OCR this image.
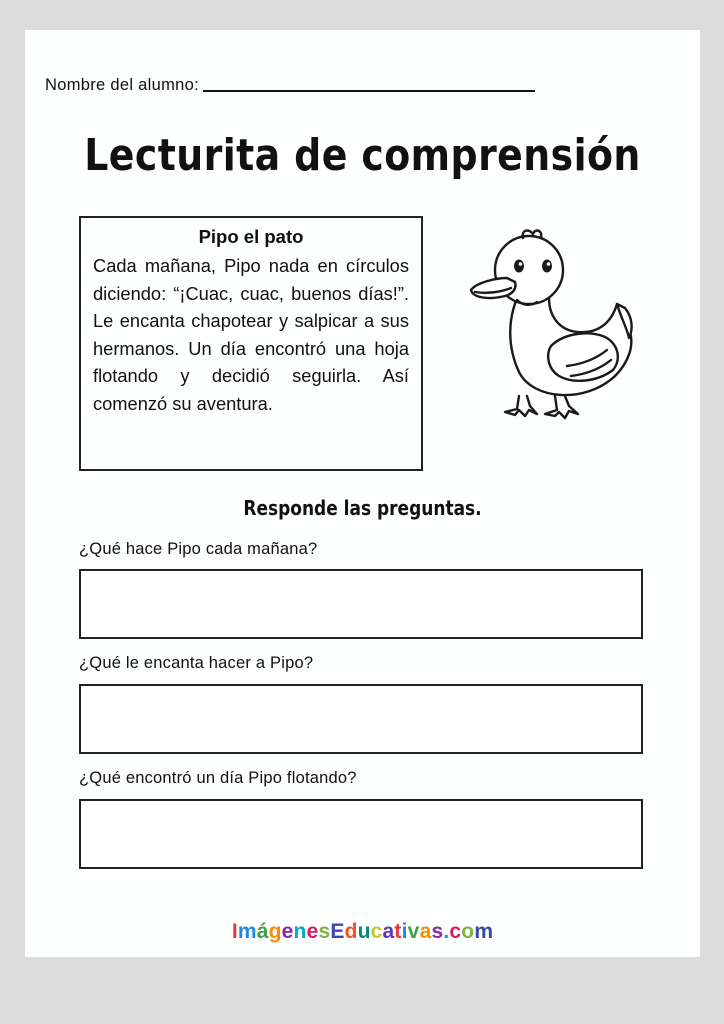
Nombre del alumno:
Lecturita de comprensión
Pipo el pato
Cada mañana, Pipo nada en círculos diciendo: “¡Cuac, cuac, buenos días!”. Le encanta chapotear y salpicar a sus hermanos. Un día encontró una hoja flotando y decidió seguirla. Así comenzó su aventura.
Responde las preguntas.
¿Qué hace Pipo cada mañana?
¿Qué le encanta hacer a Pipo?
¿Qué encontró un día Pipo flotando?
ImágenesEducativas.com
